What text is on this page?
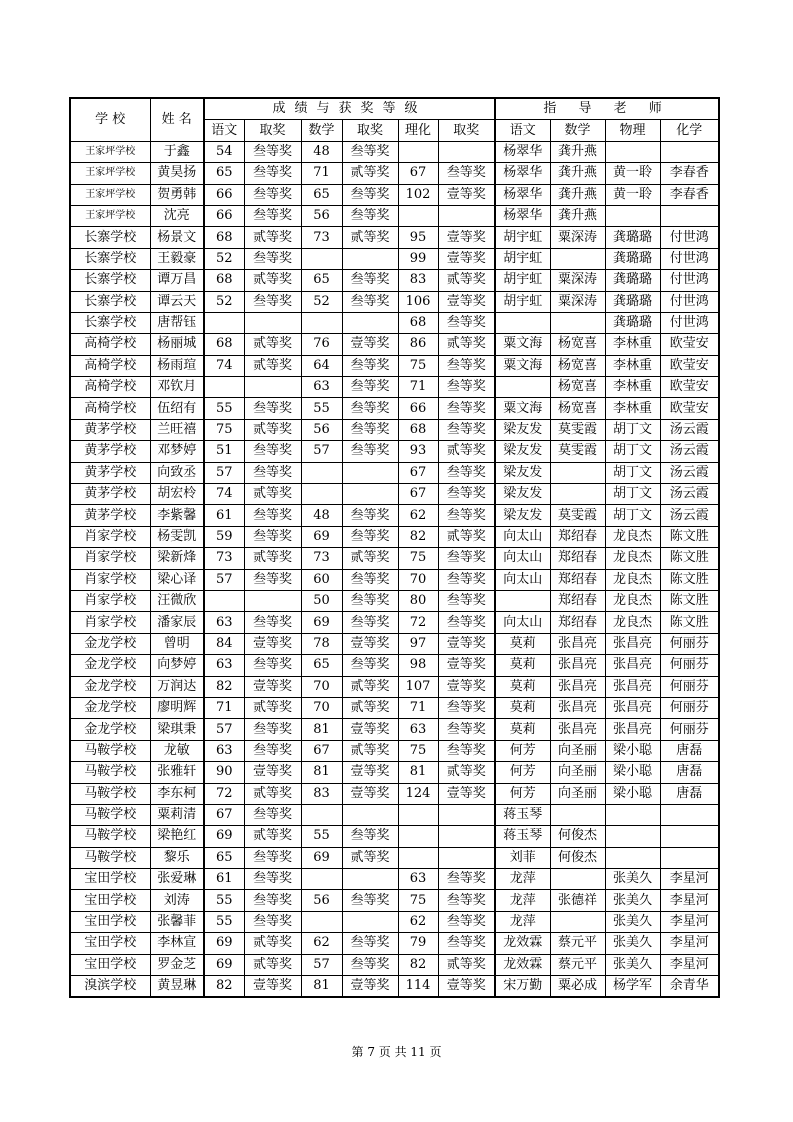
学 校	姓 名	成绩与获奖等级						指 导 老 师			
		语文	取奖	数学	取奖	理化	取奖	语文	数学	物理	化学
王家坪学校	于鑫	54	叁等奖	48	叁等奖			杨翠华	龚升燕		
王家坪学校	黄昊扬	65	叁等奖	71	贰等奖	67	叁等奖	杨翠华	龚升燕	黄一聆	李春香
王家坪学校	贺勇韩	66	叁等奖	65	叁等奖	102	壹等奖	杨翠华	龚升燕	黄一聆	李春香
王家坪学校	沈亮	66	叁等奖	56	叁等奖			杨翠华	龚升燕		
长寨学校	杨景文	68	贰等奖	73	贰等奖	95	壹等奖	胡宇虹	粟深涛	龚璐璐	付世鸿
长寨学校	王毅豪	52	叁等奖			99	壹等奖	胡宇虹		龚璐璐	付世鸿
长寨学校	谭万昌	68	贰等奖	65	叁等奖	83	贰等奖	胡宇虹	粟深涛	龚璐璐	付世鸿
长寨学校	谭云天	52	叁等奖	52	叁等奖	106	壹等奖	胡宇虹	粟深涛	龚璐璐	付世鸿
长寨学校	唐帮钰					68	叁等奖			龚璐璐	付世鸿
高椅学校	杨丽城	68	贰等奖	76	壹等奖	86	贰等奖	粟文海	杨宽喜	李林重	欧莹安
高椅学校	杨雨瑄	74	贰等奖	64	叁等奖	75	叁等奖	粟文海	杨宽喜	李林重	欧莹安
高椅学校	邓钦月			63	叁等奖	71	叁等奖		杨宽喜	李林重	欧莹安
高椅学校	伍绍有	55	叁等奖	55	叁等奖	66	叁等奖	粟文海	杨宽喜	李林重	欧莹安
黄茅学校	兰旺禧	75	贰等奖	56	叁等奖	68	叁等奖	梁友发	莫雯霞	胡丁文	汤云霞
黄茅学校	邓梦婷	51	叁等奖	57	叁等奖	93	贰等奖	梁友发	莫雯霞	胡丁文	汤云霞
黄茅学校	向致丞	57	叁等奖			67	叁等奖	梁友发		胡丁文	汤云霞
黄茅学校	胡宏柃	74	贰等奖			67	叁等奖	梁友发		胡丁文	汤云霞
黄茅学校	李紫馨	61	叁等奖	48	叁等奖	62	叁等奖	梁友发	莫雯霞	胡丁文	汤云霞
肖家学校	杨雯凯	59	叁等奖	69	叁等奖	82	贰等奖	向太山	郑绍春	龙良杰	陈文胜
肖家学校	梁新烽	73	贰等奖	73	贰等奖	75	叁等奖	向太山	郑绍春	龙良杰	陈文胜
肖家学校	梁心译	57	叁等奖	60	叁等奖	70	叁等奖	向太山	郑绍春	龙良杰	陈文胜
肖家学校	汪微欣			50	叁等奖	80	叁等奖		郑绍春	龙良杰	陈文胜
肖家学校	潘家辰	63	叁等奖	69	叁等奖	72	叁等奖	向太山	郑绍春	龙良杰	陈文胜
金龙学校	曾明	84	壹等奖	78	壹等奖	97	壹等奖	莫莉	张昌亮	张昌亮	何丽芬
金龙学校	向梦婷	63	叁等奖	65	叁等奖	98	壹等奖	莫莉	张昌亮	张昌亮	何丽芬
金龙学校	万润达	82	壹等奖	70	贰等奖	107	壹等奖	莫莉	张昌亮	张昌亮	何丽芬
金龙学校	廖明辉	71	贰等奖	70	贰等奖	71	叁等奖	莫莉	张昌亮	张昌亮	何丽芬
金龙学校	梁琪秉	57	叁等奖	81	壹等奖	63	叁等奖	莫莉	张昌亮	张昌亮	何丽芬
马鞍学校	龙敏	63	叁等奖	67	贰等奖	75	叁等奖	何芳	向圣丽	梁小聪	唐磊
马鞍学校	张雅轩	90	壹等奖	81	壹等奖	81	贰等奖	何芳	向圣丽	梁小聪	唐磊
马鞍学校	李东柯	72	贰等奖	83	壹等奖	124	壹等奖	何芳	向圣丽	梁小聪	唐磊
马鞍学校	粟莉清	67	叁等奖					蒋玉琴			
马鞍学校	梁艳红	69	贰等奖	55	叁等奖			蒋玉琴	何俊杰		
马鞍学校	黎乐	65	叁等奖	69	贰等奖			刘菲	何俊杰		
宝田学校	张爱琳	61	叁等奖			63	叁等奖	龙萍		张美久	李星河
宝田学校	刘涛	55	叁等奖	56	叁等奖	75	叁等奖	龙萍	张德祥	张美久	李星河
宝田学校	张馨菲	55	叁等奖			62	叁等奖	龙萍		张美久	李星河
宝田学校	李林宣	69	贰等奖	62	叁等奖	79	叁等奖	龙效霖	蔡元平	张美久	李星河
宝田学校	罗金芝	69	贰等奖	57	叁等奖	82	贰等奖	龙效霖	蔡元平	张美久	李星河
溴滨学校	黄昱琳	82	壹等奖	81	壹等奖	114	壹等奖	宋万勤	粟必成	杨学军	余青华
第 7 页 共 11 页
